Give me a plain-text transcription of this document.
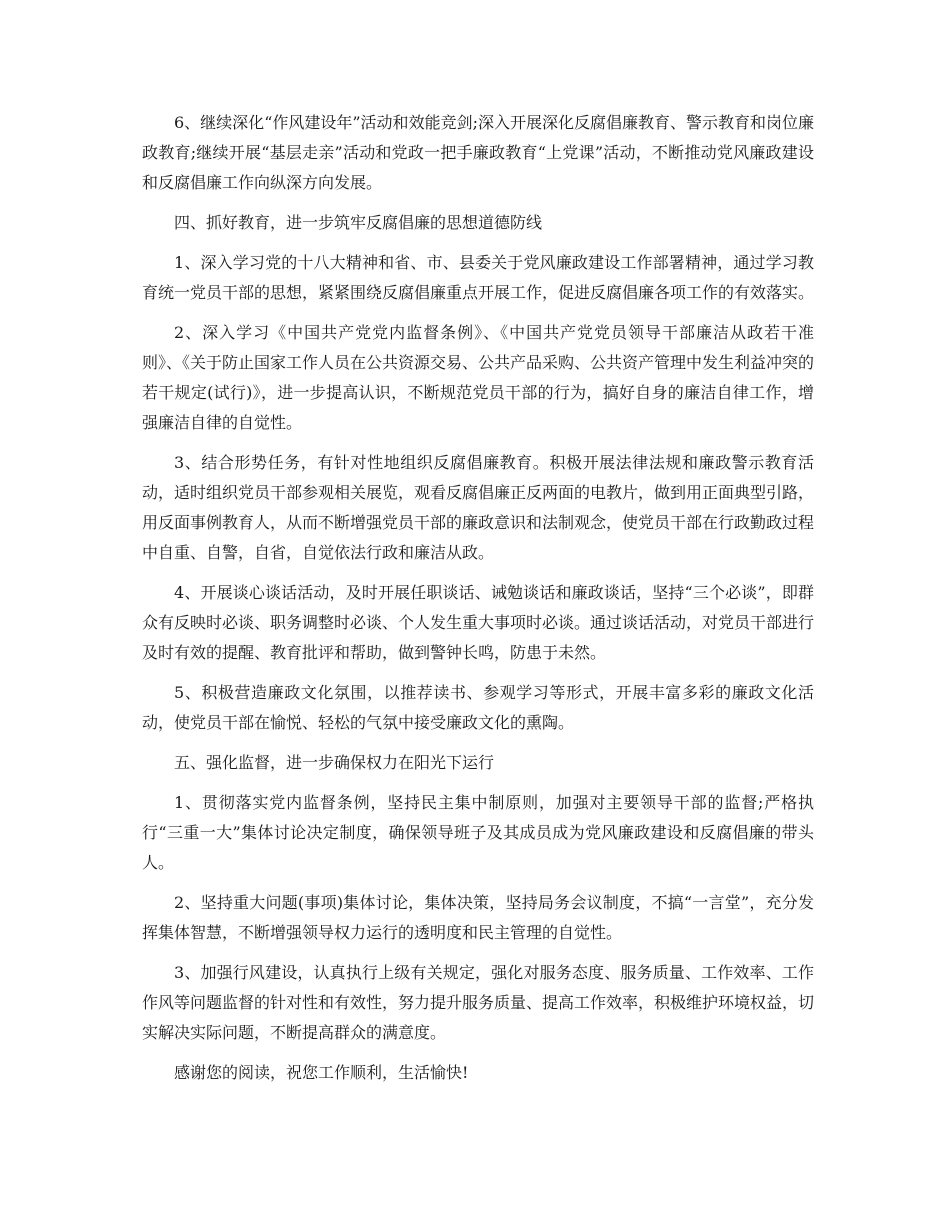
6、继续深化“作风建设年”活动和效能竞剑;深入开展深化反腐倡廉教育、警示教育和岗位廉政教育;继续开展“基层走亲”活动和党政一把手廉政教育“上党课”活动，不断推动党风廉政建设和反腐倡廉工作向纵深方向发展。

四、抓好教育，进一步筑牢反腐倡廉的思想道德防线

1、深入学习党的十八大精神和省、市、县委关于党风廉政建设工作部署精神，通过学习教育统一党员干部的思想，紧紧围绕反腐倡廉重点开展工作，促进反腐倡廉各项工作的有效落实。

2、深入学习《中国共产党党内监督条例》、《中国共产党党员领导干部廉洁从政若干准则》、《关于防止国家工作人员在公共资源交易、公共产品采购、公共资产管理中发生利益冲突的若干规定(试行)》，进一步提高认识，不断规范党员干部的行为，搞好自身的廉洁自律工作，增强廉洁自律的自觉性。

3、结合形势任务，有针对性地组织反腐倡廉教育。积极开展法律法规和廉政警示教育活动，适时组织党员干部参观相关展览，观看反腐倡廉正反两面的电教片，做到用正面典型引路，用反面事例教育人，从而不断增强党员干部的廉政意识和法制观念，使党员干部在行政勤政过程中自重、自警，自省，自觉依法行政和廉洁从政。

4、开展谈心谈话活动，及时开展任职谈话、诫勉谈话和廉政谈话，坚持“三个必谈”，即群众有反映时必谈、职务调整时必谈、个人发生重大事项时必谈。通过谈话活动，对党员干部进行及时有效的提醒、教育批评和帮助，做到警钟长鸣，防患于未然。

5、积极营造廉政文化氛围，以推荐读书、参观学习等形式，开展丰富多彩的廉政文化活动，使党员干部在愉悦、轻松的气氛中接受廉政文化的熏陶。

五、强化监督，进一步确保权力在阳光下运行

1、贯彻落实党内监督条例，坚持民主集中制原则，加强对主要领导干部的监督;严格执行“三重一大”集体讨论决定制度，确保领导班子及其成员成为党风廉政建设和反腐倡廉的带头人。

2、坚持重大问题(事项)集体讨论，集体决策，坚持局务会议制度，不搞“一言堂”，充分发挥集体智慧，不断增强领导权力运行的透明度和民主管理的自觉性。

3、加强行风建设，认真执行上级有关规定，强化对服务态度、服务质量、工作效率、工作作风等问题监督的针对性和有效性，努力提升服务质量、提高工作效率，积极维护环境权益，切实解决实际问题，不断提高群众的满意度。

感谢您的阅读，祝您工作顺利，生活愉快!
